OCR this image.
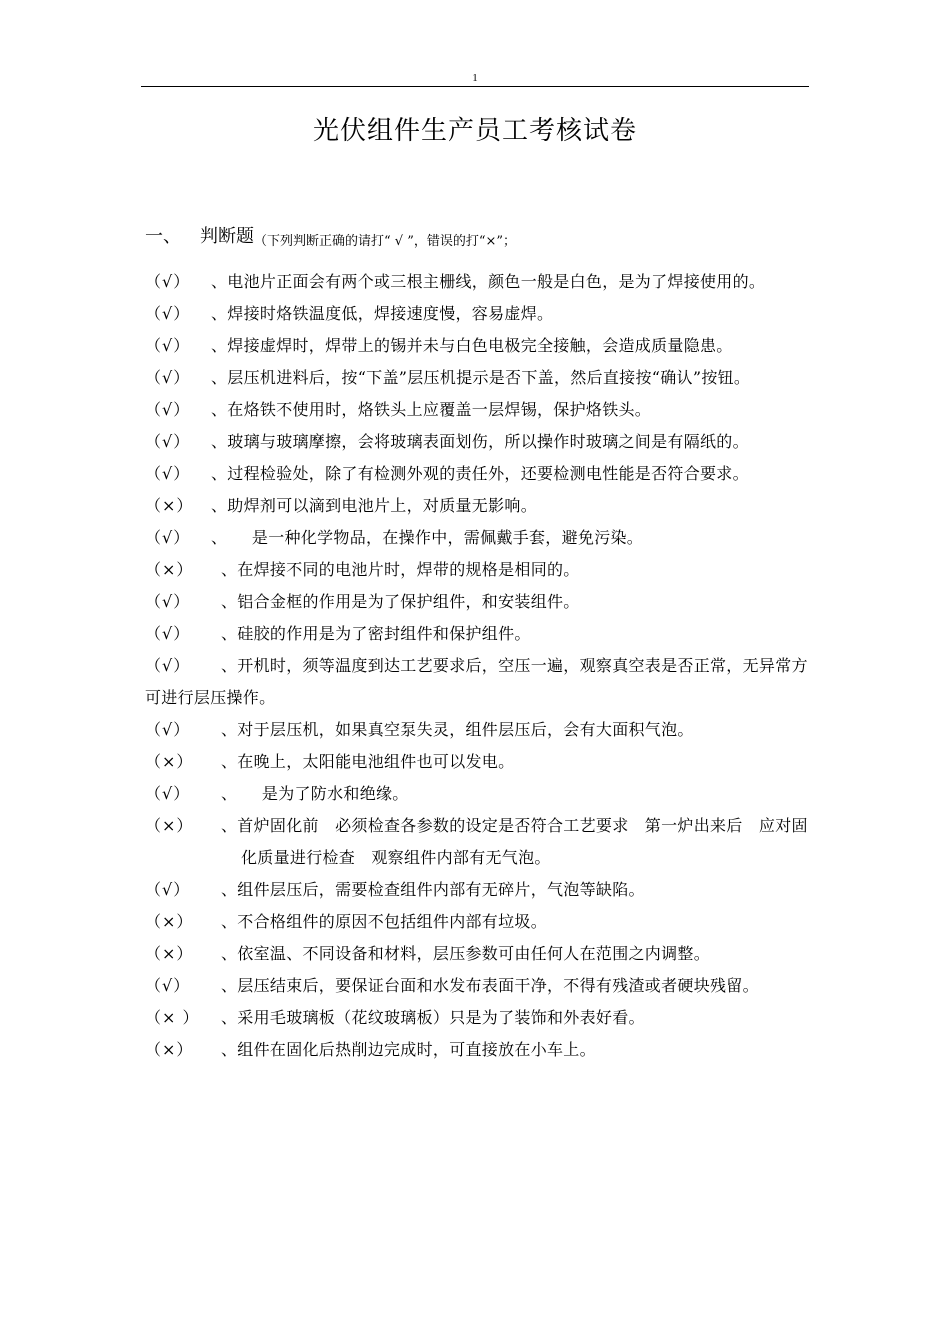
1
光伏组件生产员工考核试卷
一、 判断题（下列判断正确的请打“ √ ”，错误的打“×”；
（√） 、电池片正面会有两个或三根主栅线，颜色一般是白色，是为了焊接使用的。
（√） 、焊接时烙铁温度低，焊接速度慢，容易虚焊。
（√） 、焊接虚焊时，焊带上的锡并未与白色电极完全接触，会造成质量隐患。
（√） 、层压机进料后，按“下盖”层压机提示是否下盖，然后直接按“确认”按钮。
（√） 、在烙铁不使用时，烙铁头上应覆盖一层焊锡，保护烙铁头。
（√） 、玻璃与玻璃摩擦，会将玻璃表面划伤，所以操作时玻璃之间是有隔纸的。
（√） 、过程检验处，除了有检测外观的责任外，还要检测电性能是否符合要求。
（×） 、助焊剂可以滴到电池片上，对质量无影响。
（√） 、　　是一种化学物品，在操作中，需佩戴手套，避免污染。
（×） 、在焊接不同的电池片时，焊带的规格是相同的。
（√） 、铝合金框的作用是为了保护组件，和安装组件。
（√） 、硅胶的作用是为了密封组件和保护组件。
（√） 、开机时，须等温度到达工艺要求后，空压一遍，观察真空表是否正常，无异常方可进行层压操作。
（√） 、对于层压机，如果真空泵失灵，组件层压后，会有大面积气泡。
（×） 、在晚上，太阳能电池组件也可以发电。
（√） 、　　是为了防水和绝缘。
（×） 、首炉固化前　必须检查各参数的设定是否符合工艺要求　第一炉出来后　应对固化质量进行检查　观察组件内部有无气泡。
（√） 、组件层压后，需要检查组件内部有无碎片，气泡等缺陷。
（×） 、不合格组件的原因不包括组件内部有垃圾。
（×） 、依室温、不同设备和材料，层压参数可由任何人在范围之内调整。
（√） 、层压结束后，要保证台面和水发布表面干净，不得有残渣或者硬块残留。
（× ） 、采用毛玻璃板（花纹玻璃板）只是为了装饰和外表好看。
（×） 、组件在固化后热削边完成时，可直接放在小车上。
